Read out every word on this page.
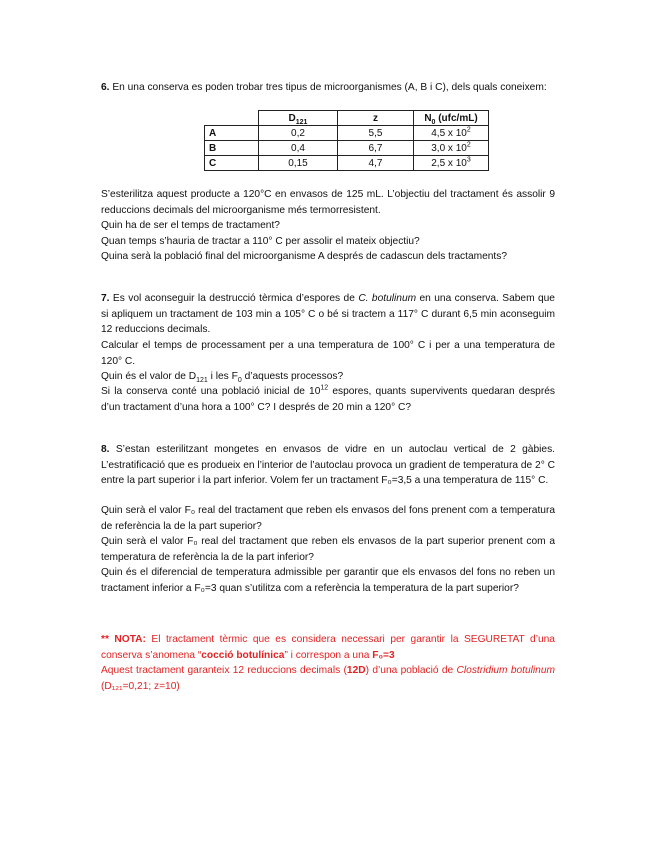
6. En una conserva es poden trobar tres tipus de microorganismes (A, B i C), dels quals coneixem:
	$D_{121}$	z	$N_0$ (ufc/mL)
A	0,2	5,5	4,5 x $10^2$
B	0,4	6,7	3,0 x $10^2$
C	0,15	4,7	2,5 x $10^3$
S’esterilitza aquest producte a 120°C en envasos de 125 mL. L’objectiu del tractament és assolir 9 reduccions decimals del microorganisme més termorresistent.
Quin ha de ser el temps de tractament?
Quan temps s’hauria de tractar a 110° C per assolir el mateix objectiu?
Quina serà la població final del microorganisme A després de cadascun dels tractaments?
7. Es vol aconseguir la destrucció tèrmica d’espores de C. botulinum en una conserva. Sabem que si apliquem un tractament de 103 min a 105° C o bé si tractem a 117° C durant 6,5 min aconseguim 12 reduccions decimals.
Calcular el temps de processament per a una temperatura de 100° C i per a una temperatura de 120° C.
Quin és el valor de $D_{121}$ i les $F_0$ d’aquests processos?
Si la conserva conté una població inicial de $10^{12}$ espores, quants supervivents quedaran després d’un tractament d’una hora a 100° C? I després de 20 min a 120° C?
8. S’estan esterilitzant mongetes en envasos de vidre en un autoclau vertical de 2 gàbies. L’estratificació que es produeix en l’interior de l’autoclau provoca un gradient de temperatura de 2° C entre la part superior i la part inferior. Volem fer un tractament F₀=3,5 a una temperatura de 115° C.
Quin serà el valor F₀ real del tractament que reben els envasos del fons prenent com a temperatura de referència la de la part superior?
Quin serà el valor F₀ real del tractament que reben els envasos de la part superior prenent com a temperatura de referència la de la part inferior?
Quin és el diferencial de temperatura admissible per garantir que els envasos del fons no reben un tractament inferior a F₀=3 quan s’utilitza com a referència la temperatura de la part superior?
** NOTA: El tractament tèrmic que es considera necessari per garantir la SEGURETAT d’una conserva s’anomena “cocció botulínica” i correspon a una F₀=3
Aquest tractament garanteix 12 reduccions decimals (12D) d’una població de Clostridium botulinum (D₁₂₁=0,21; z=10)
